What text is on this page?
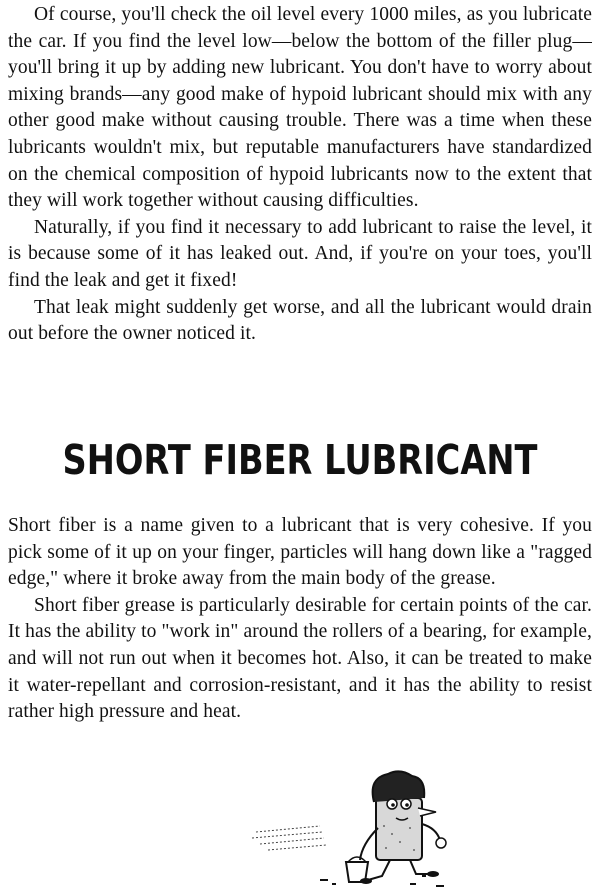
Of course, you'll check the oil level every 1000 miles, as you lubricate the car. If you find the level low—below the bottom of the filler plug—you'll bring it up by adding new lubricant. You don't have to worry about mixing brands—any good make of hypoid lubricant should mix with any other good make without causing trouble. There was a time when these lubricants wouldn't mix, but reputable manufacturers have standardized on the chemical composition of hypoid lubricants now to the extent that they will work together without causing difficulties.

Naturally, if you find it necessary to add lubricant to raise the level, it is because some of it has leaked out. And, if you're on your toes, you'll find the leak and get it fixed!

That leak might suddenly get worse, and all the lubricant would drain out before the owner noticed it.

SHORT FIBER LUBRICANT

Short fiber is a name given to a lubricant that is very cohesive. If you pick some of it up on your finger, particles will hang down like a "ragged edge," where it broke away from the main body of the grease.

Short fiber grease is particularly desirable for certain points of the car. It has the ability to "work in" around the rollers of a bearing, for example, and will not run out when it becomes hot. Also, it can be treated to make it water-repellant and corrosion-resistant, and it has the ability to resist rather high pressure and heat.
